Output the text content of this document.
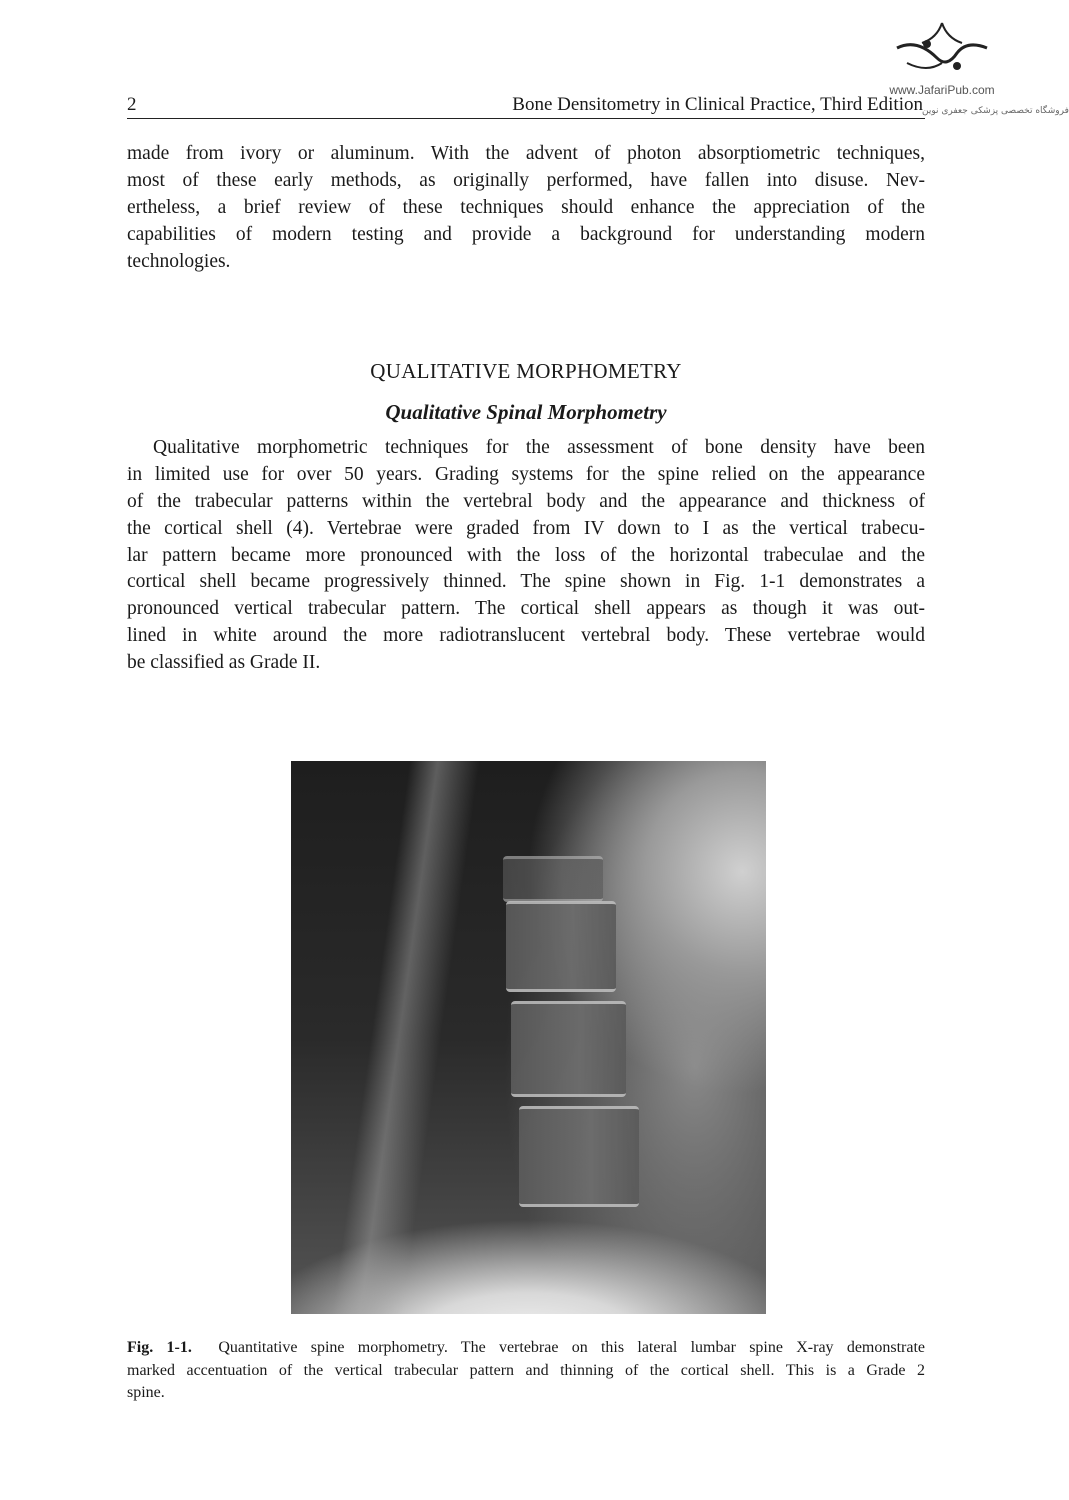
www.JafariPub.com
فروشگاه تخصصی پزشکی جعفری نوین
2	Bone Densitometry in Clinical Practice, Third Edition
made from ivory or aluminum. With the advent of photon absorptiometric techniques,
most of these early methods, as originally performed, have fallen into disuse. Nev-
ertheless, a brief review of these techniques should enhance the appreciation of the
capabilities of modern testing and provide a background for understanding modern
technologies.
QUALITATIVE MORPHOMETRY
Qualitative Spinal Morphometry
Qualitative morphometric techniques for the assessment of bone density have been
in limited use for over 50 years. Grading systems for the spine relied on the appearance
of the trabecular patterns within the vertebral body and the appearance and thickness of
the cortical shell (4). Vertebrae were graded from IV down to I as the vertical trabecu-
lar pattern became more pronounced with the loss of the horizontal trabeculae and the
cortical shell became progressively thinned. The spine shown in Fig. 1-1 demonstrates a
pronounced vertical trabecular pattern. The cortical shell appears as though it was out-
lined in white around the more radiotranslucent vertebral body. These vertebrae would
be classified as Grade II.
Fig. 1-1. Quantitative spine morphometry. The vertebrae on this lateral lumbar spine X-ray demonstrate
marked accentuation of the vertical trabecular pattern and thinning of the cortical shell. This is a Grade 2
spine.
